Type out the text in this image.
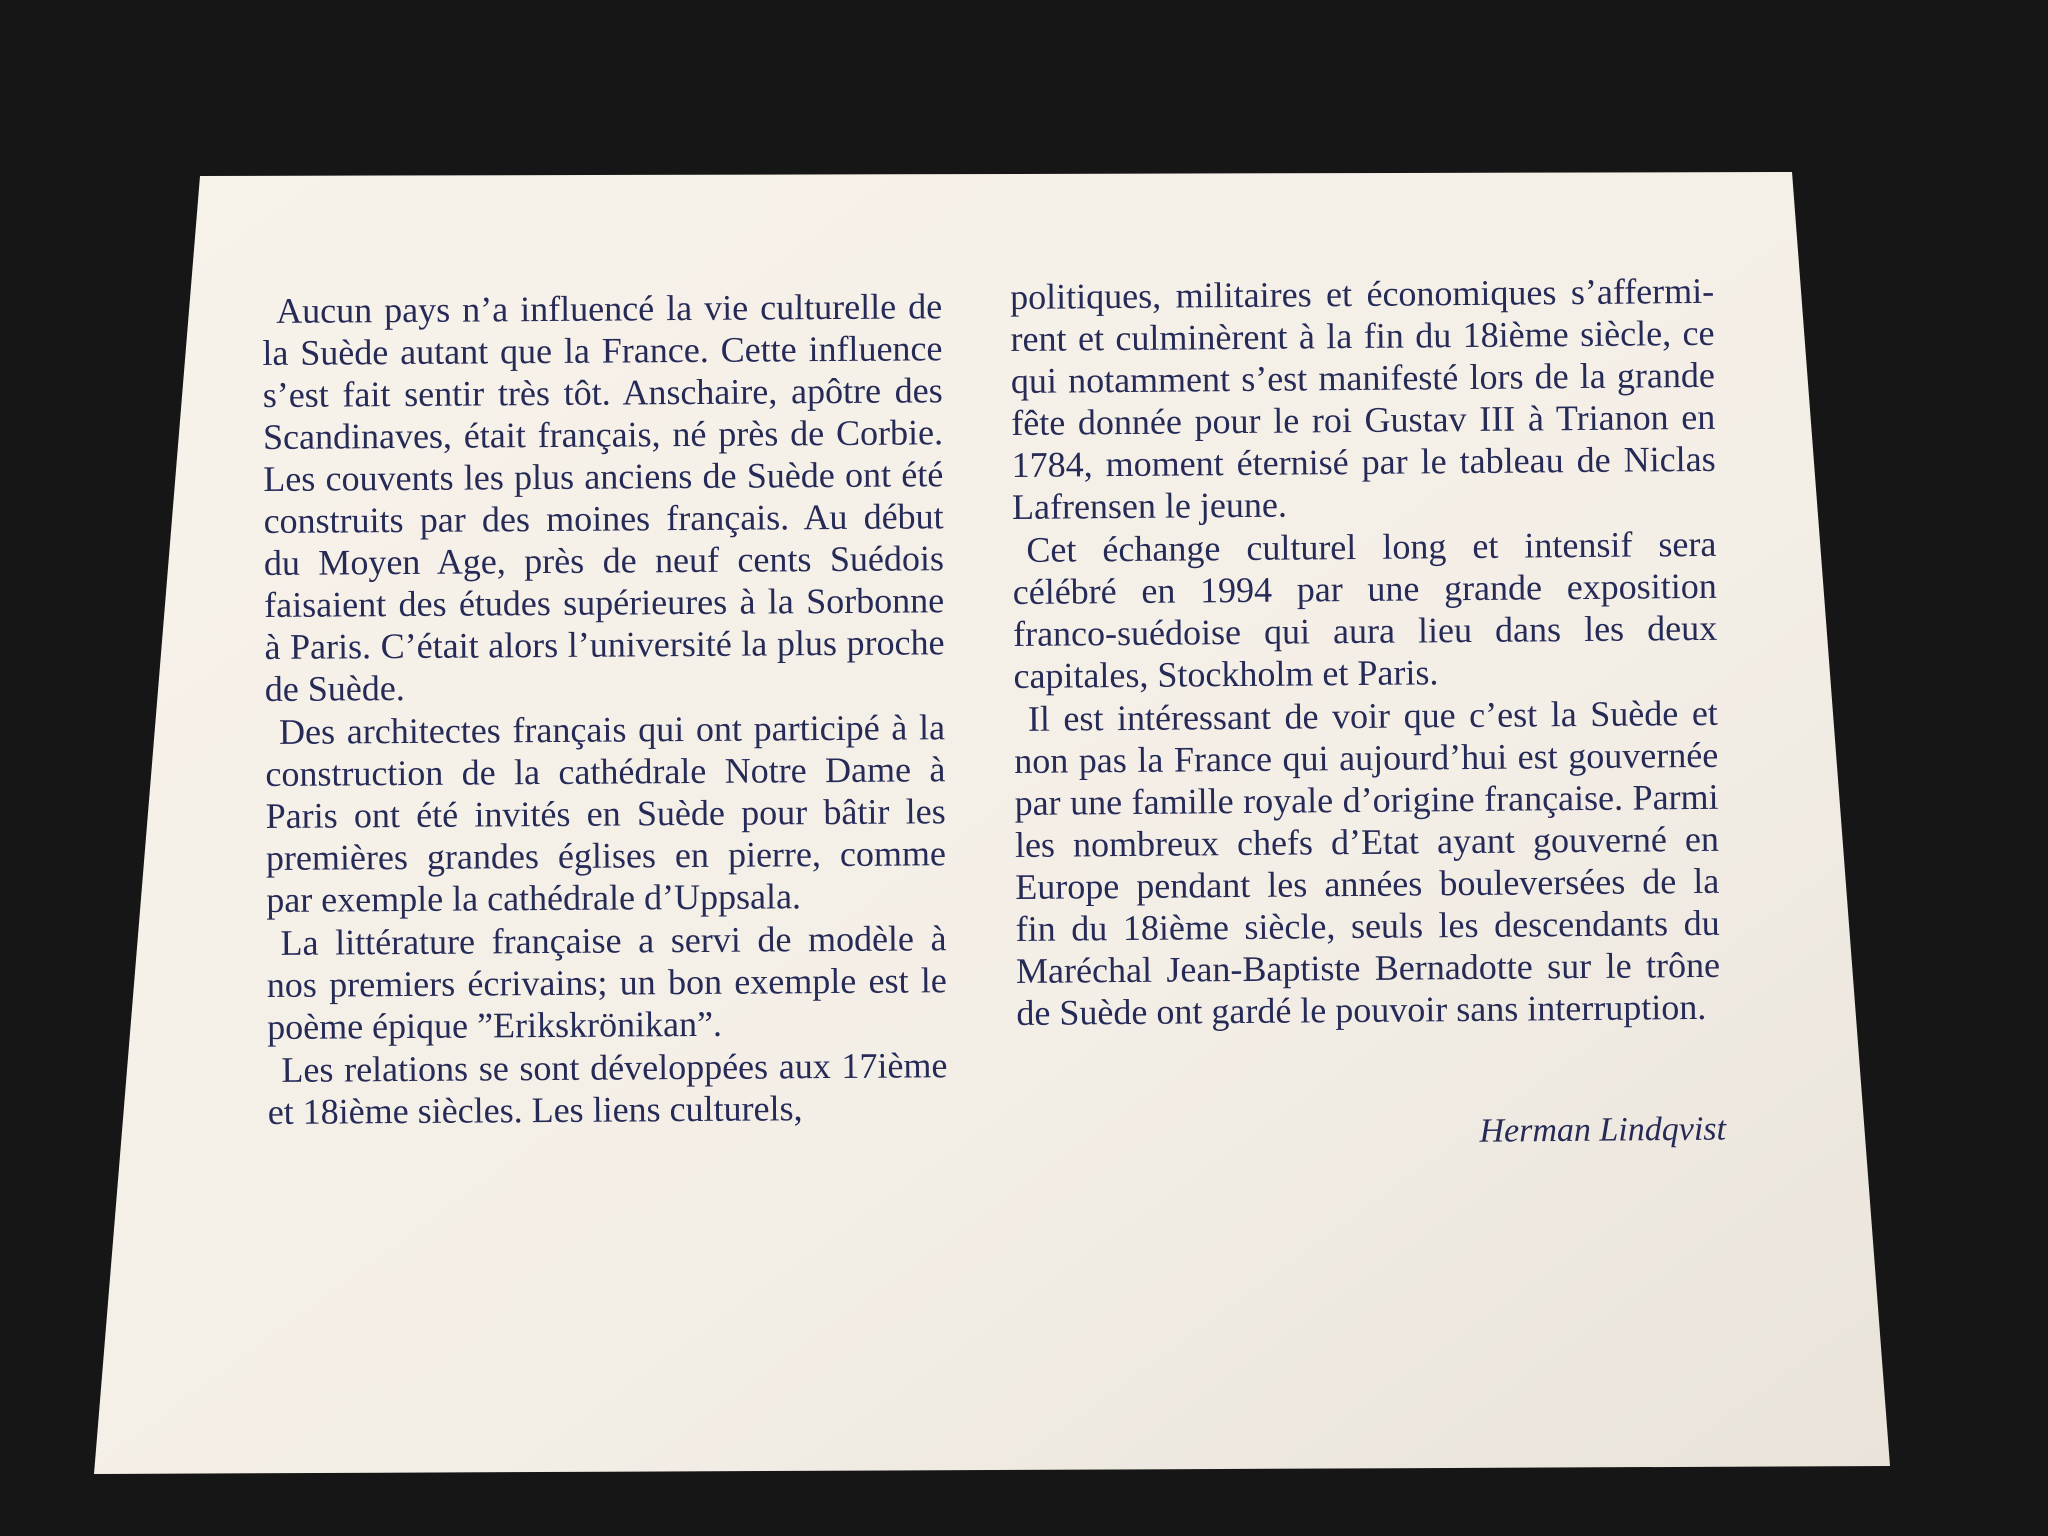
Aucun pays n’a influencé la vie culturelle de la Suède autant que la France. Cette influence s’est fait sentir très tôt. Anschaire, apôtre des Scandinaves, était français, né près de Corbie. Les couvents les plus anciens de Suède ont été construits par des moines français. Au début du Moyen Age, près de neuf cents Suédois faisaient des études supérieures à la Sorbonne à Paris. C’était alors l’université la plus proche de Suède.

Des architectes français qui ont participé à la construction de la cathédrale Notre Dame à Paris ont été invités en Suède pour bâtir les premières grandes églises en pierre, comme par exemple la cathédrale d’Uppsala.

La littérature française a servi de modèle à nos premiers écrivains; un bon exemple est le poème épique ”Erikskrönikan”.

Les relations se sont développées aux 17ième et 18ième siècles. Les liens culturels,

politiques, militaires et économiques s’affermi-rent et culminèrent à la fin du 18ième siècle, ce qui notamment s’est manifesté lors de la grande fête donnée pour le roi Gustav III à Trianon en 1784, moment éternisé par le tableau de Niclas Lafrensen le jeune.

Cet échange culturel long et intensif sera célébré en 1994 par une grande exposition franco-suédoise qui aura lieu dans les deux capitales, Stockholm et Paris.

Il est intéressant de voir que c’est la Suède et non pas la France qui aujourd’hui est gouvernée par une famille royale d’origine française. Parmi les nombreux chefs d’Etat ayant gouverné en Europe pendant les années bouleversées de la fin du 18ième siècle, seuls les descendants du Maréchal Jean-Baptiste Bernadotte sur le trône de Suède ont gardé le pouvoir sans interruption.

Herman Lindqvist
